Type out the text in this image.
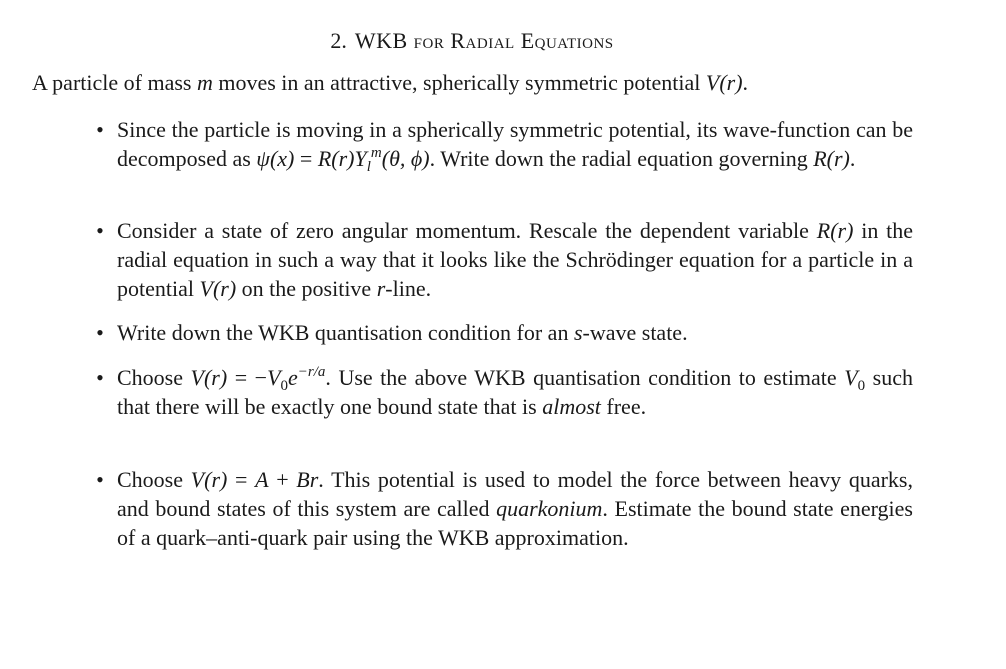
2. WKB for Radial Equations
A particle of mass m moves in an attractive, spherically symmetric potential V(r).
• Since the particle is moving in a spherically symmetric potential, its wave-function can be decomposed as $\psi(x) = R(r)Y_l^m(\theta$, ϕ). Write down the radial equation governing R(r).
• Consider a state of zero angular momentum. Rescale the dependent variable R(r) in the radial equation in such a way that it looks like the Schrödinger equation for a particle in a potential V(r) on the positive r-line.
• Write down the WKB quantisation condition for an s-wave state.
• Choose $V(r) = -V_0e^{-r/a}$. Use the above WKB quantisation condition to estimate $V_0$ such that there will be exactly one bound state that is almost free.
• Choose V(r) = A + Br. This potential is used to model the force between heavy quarks, and bound states of this system are called quarkonium. Estimate the bound state energies of a quark–anti-quark pair using the WKB approximation.
